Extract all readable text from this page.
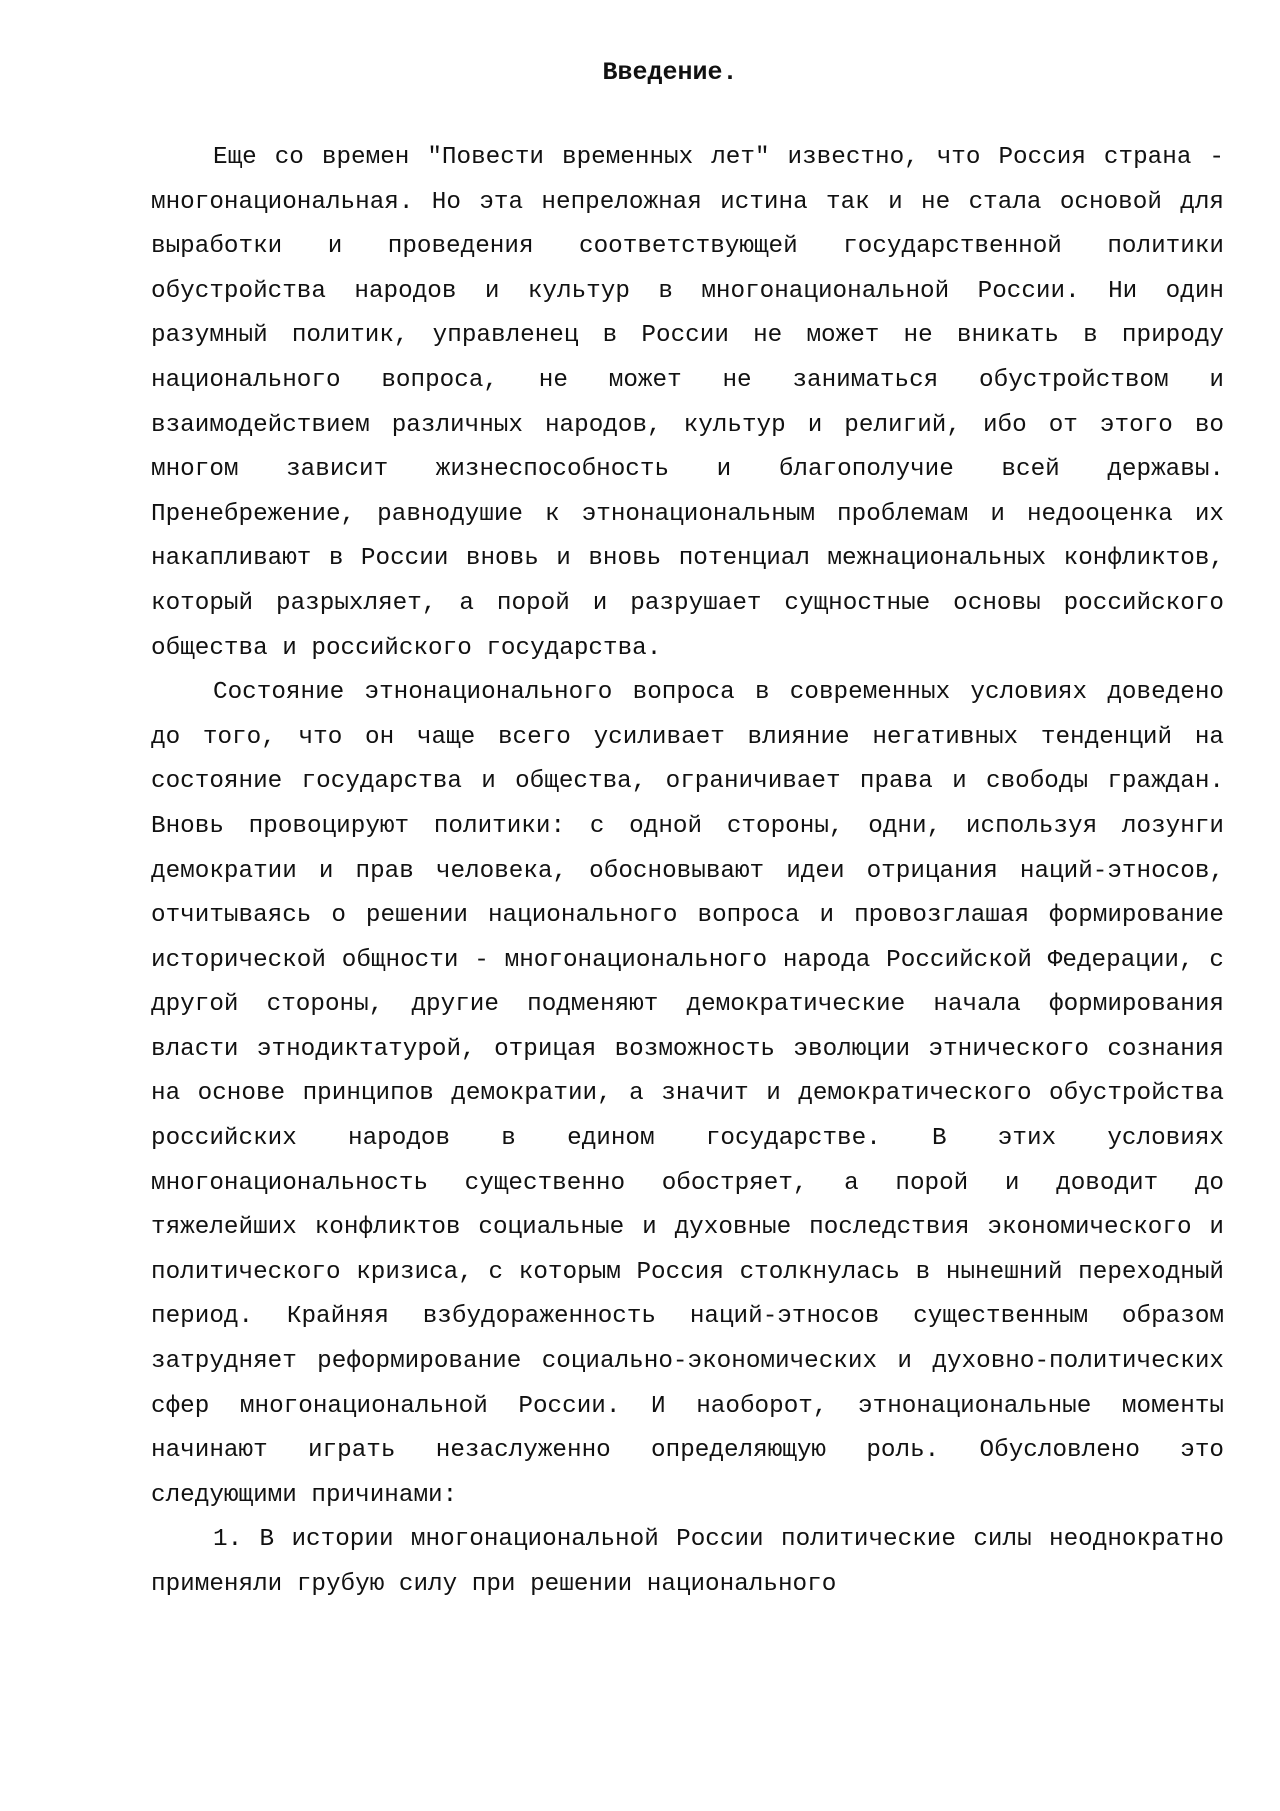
Введение.

Еще со времен "Повести временных лет" известно, что Россия страна - многонациональная. Но эта непреложная истина так и не стала основой для выработки и проведения соответствующей государственной политики обустройства народов и культур в многонациональной России. Ни один разумный политик, управленец в России не может не вникать в природу национального вопроса, не может не заниматься обустройством и взаимодействием различных народов, культур и религий, ибо от этого во многом зависит жизнеспособность и благополучие всей державы. Пренебрежение, равнодушие к этнонациональным проблемам и недооценка их накапливают в России вновь и вновь потенциал межнациональных конфликтов, который разрыхляет, а порой и разрушает сущностные основы российского общества и российского государства.

Состояние этнонационального вопроса в современных условиях доведено до того, что он чаще всего усиливает влияние негативных тенденций на состояние государства и общества, ограничивает права и свободы граждан. Вновь провоцируют политики: с одной стороны, одни, используя лозунги демократии и прав человека, обосновывают идеи отрицания наций-этносов, отчитываясь о решении национального вопроса и провозглашая формирование исторической общности - многонационального народа Российской Федерации, с другой стороны, другие подменяют демократические начала формирования власти этнодиктатурой, отрицая возможность эволюции этнического сознания на основе принципов демократии, а значит и демократического обустройства российских народов в едином государстве. В этих условиях многонациональность существенно обостряет, а порой и доводит до тяжелейших конфликтов социальные и духовные последствия экономического и политического кризиса, с которым Россия столкнулась в нынешний переходный период. Крайняя взбудораженность наций-этносов существенным образом затрудняет реформирование социально-экономических и духовно-политических сфер многонациональной России. И наоборот, этнонациональные моменты начинают играть незаслуженно определяющую роль. Обусловлено это следующими причинами:

1. В истории многонациональной России политические силы неоднократно применяли грубую силу при решении национального
